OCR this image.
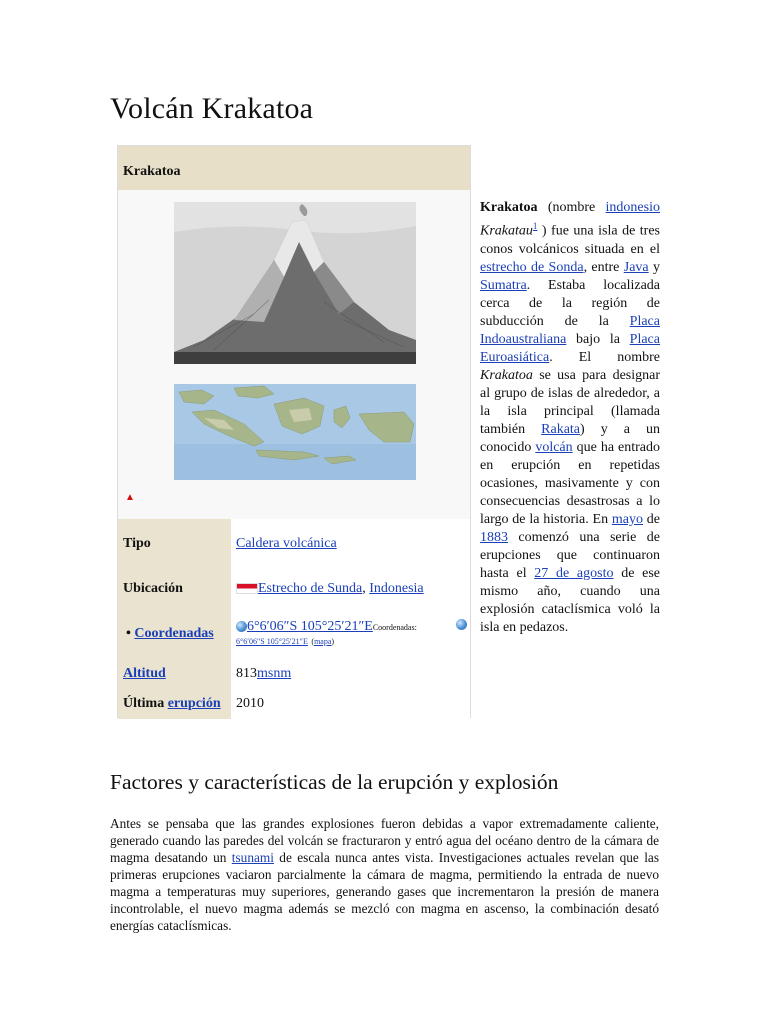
Volcán Krakatoa
Krakatoa
▲
Tipo	Caldera volcánica
Ubicación	Estrecho de Sunda, Indonesia
• Coordenadas	6°6′06″S 105°25′21″ECoordenadas:

6°6′06″S 105°25′21″E (mapa)
Altitud	813msnm
Última erupción	2010

Krakatoa (nombre indonesio Krakatau$^1$ ) fue una isla de tres conos volcánicos situada en el estrecho de Sonda, entre Java y Sumatra. Estaba localizada cerca de la región de subducción de la Placa Indoaustraliana bajo la Placa Euroasiática. El nombre Krakatoa se usa para designar al grupo de islas de alrededor, a la isla principal (llamada también Rakata) y a un conocido volcán que ha entrado en erupción en repetidas ocasiones, masivamente y con consecuencias desastrosas a lo largo de la historia. En mayo de 1883 comenzó una serie de erupciones que continuaron hasta el 27 de agosto de ese mismo año, cuando una explosión cataclísmica voló la isla en pedazos.

Factores y características de la erupción y explosión

Antes se pensaba que las grandes explosiones fueron debidas a vapor extremadamente caliente, generado cuando las paredes del volcán se fracturaron y entró agua del océano dentro de la cámara de magma desatando un tsunami de escala nunca antes vista. Investigaciones actuales revelan que las primeras erupciones vaciaron parcialmente la cámara de magma, permitiendo la entrada de nuevo magma a temperaturas muy superiores, generando gases que incrementaron la presión de manera incontrolable, el nuevo magma además se mezcló con magma en ascenso, la combinación desató energías cataclísmicas.
